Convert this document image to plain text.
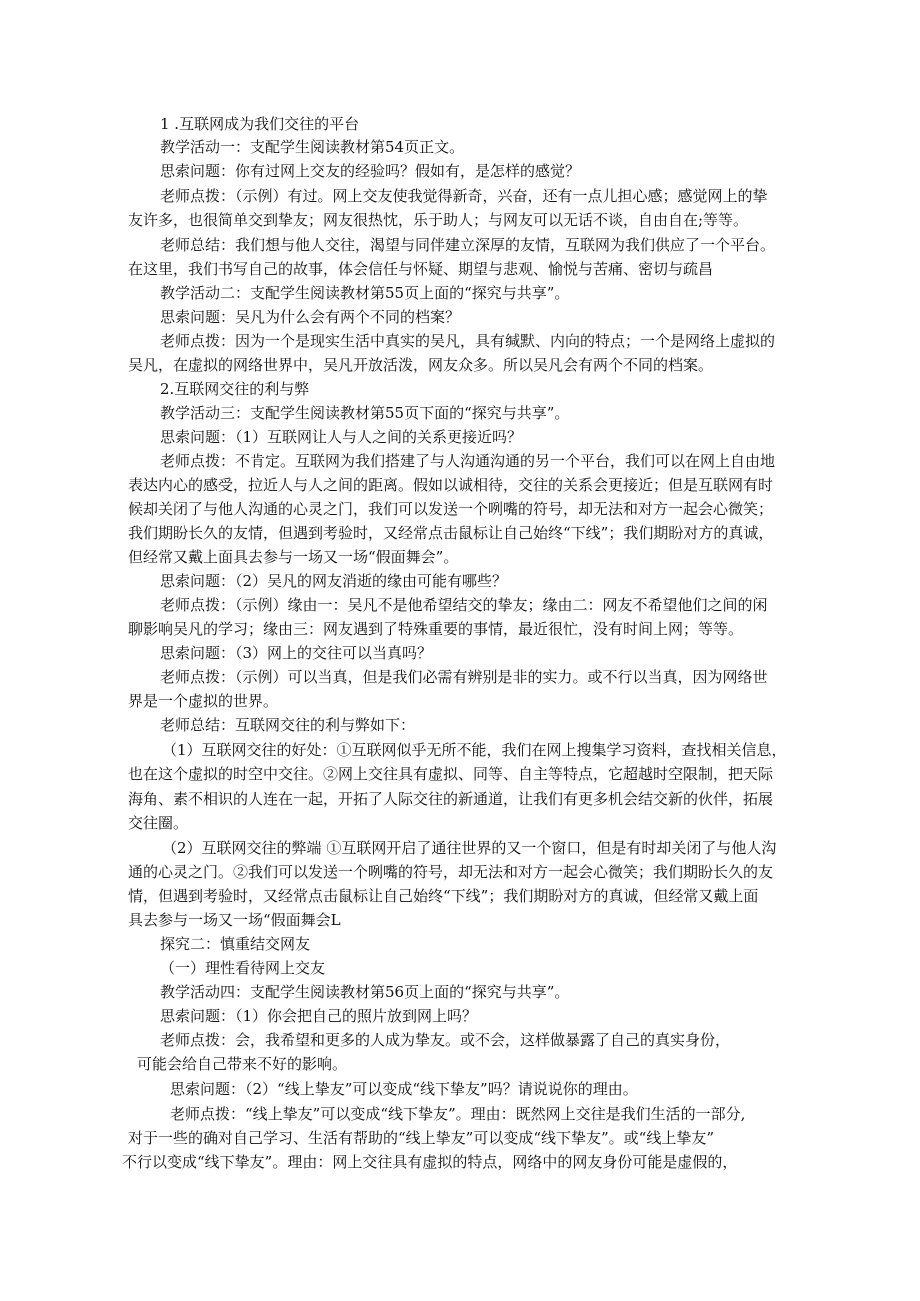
1 .互联网成为我们交往的平台
教学活动一：支配学生阅读教材第54页正文。
思索问题：你有过网上交友的经验吗？假如有，是怎样的感觉？
老师点拨：（示例）有过。网上交友使我觉得新奇，兴奋，还有一点儿担心感；感觉网上的挚
友许多，也很简单交到挚友；网友很热忱，乐于助人；与网友可以无话不谈，自由自在;等等。
老师总结：我们想与他人交往，渴望与同伴建立深厚的友情，互联网为我们供应了一个平台。
在这里，我们书写自己的故事，体会信任与怀疑、期望与悲观、愉悦与苦痛、密切与疏昌
教学活动二：支配学生阅读教材第55页上面的“探究与共享”。
思索问题：吴凡为什么会有两个不同的档案？
老师点拨：因为一个是现实生活中真实的吴凡，具有缄默、内向的特点；一个是网络上虚拟的
吴凡，在虚拟的网络世界中，吴凡开放活泼，网友众多。所以吴凡会有两个不同的档案。
2.互联网交往的利与弊
教学活动三：支配学生阅读教材第55页下面的“探究与共享”。
思索问题：（1）互联网让人与人之间的关系更接近吗？
老师点拨：不肯定。互联网为我们搭建了与人沟通沟通的另一个平台，我们可以在网上自由地
表达内心的感受，拉近人与人之间的距离。假如以诚相待，交往的关系会更接近；但是互联网有时
候却关闭了与他人沟通的心灵之门，我们可以发送一个咧嘴的符号，却无法和对方一起会心微笑；
我们期盼长久的友情，但遇到考验时，又经常点击鼠标让自己始终“下线”；我们期盼对方的真诚，
但经常又戴上面具去参与一场又一场“假面舞会”。
思索问题：（2）吴凡的网友消逝的缘由可能有哪些？
老师点拨：（示例）缘由一：吴凡不是他希望结交的挚友；缘由二：网友不希望他们之间的闲
聊影响吴凡的学习；缘由三：网友遇到了特殊重要的事情，最近很忙，没有时间上网；等等。
思索问题：（3）网上的交往可以当真吗？
老师点拨：（示例）可以当真，但是我们必需有辨别是非的实力。或不行以当真，因为网络世
界是一个虚拟的世界。
老师总结：互联网交往的利与弊如下：
（1）互联网交往的好处：①互联网似乎无所不能，我们在网上搜集学习资料，查找相关信息，
也在这个虚拟的时空中交往。②网上交往具有虚拟、同等、自主等特点，它超越时空限制，把天际
海角、素不相识的人连在一起，开拓了人际交往的新通道，让我们有更多机会结交新的伙伴，拓展
交往圈。
（2）互联网交往的弊端 ①互联网开启了通往世界的又一个窗口，但是有时却关闭了与他人沟
通的心灵之门。②我们可以发送一个咧嘴的符号，却无法和对方一起会心微笑；我们期盼长久的友
情，但遇到考验时，又经常点击鼠标让自己始终“下线”；我们期盼对方的真诚，但经常又戴上面
具去参与一场又一场“假面舞会L
探究二：慎重结交网友
（一）理性看待网上交友
教学活动四：支配学生阅读教材第56页上面的“探究与共享”。
思索问题：（1）你会把自己的照片放到网上吗？
老师点拨：会，我希望和更多的人成为挚友。或不会，这样做暴露了自己的真实身份，
可能会给自己带来不好的影响。
思索问题：（2）“线上挚友”可以变成“线下挚友”吗？请说说你的理由。
老师点拨：“线上挚友”可以变成“线下挚友”。理由：既然网上交往是我们生活的一部分,
对于一些的确对自己学习、生活有帮助的“线上挚友”可以变成“线下挚友”。或“线上挚友”
不行以变成“线下挚友”。理由：网上交往具有虚拟的特点，网络中的网友身份可能是虚假的，
